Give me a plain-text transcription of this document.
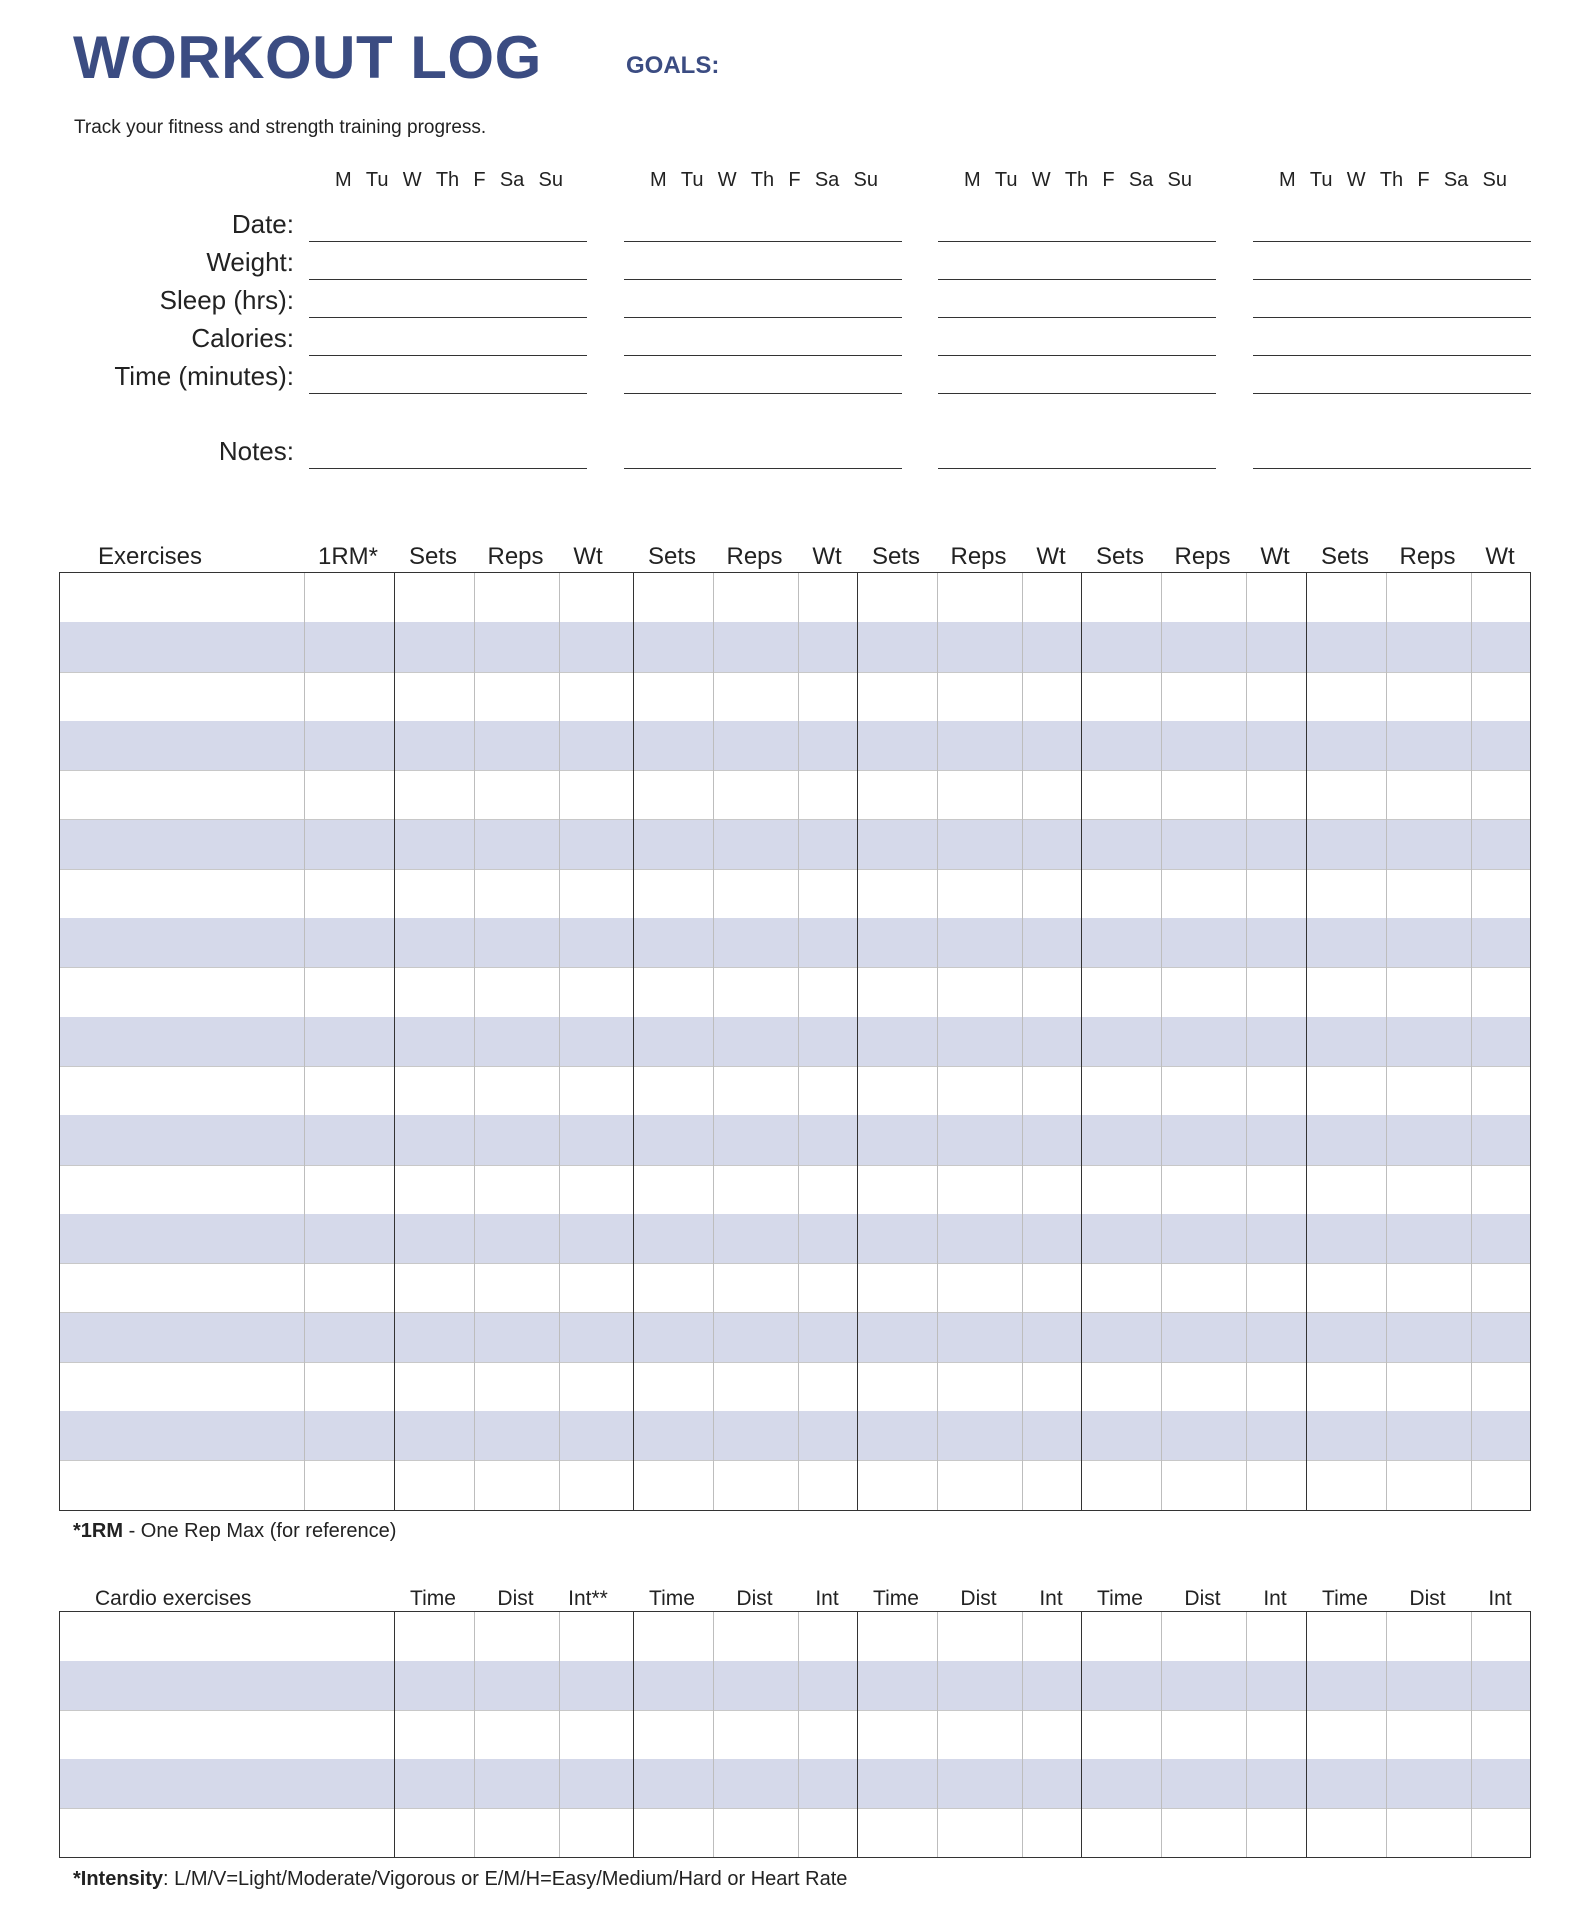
WORKOUT LOG	GOALS:
Track your fitness and strength training progress.
M Tu W Th F Sa Su	M Tu W Th F Sa Su	M Tu W Th F Sa Su	M Tu W Th F Sa Su
Date:
Weight:
Sleep (hrs):
Calories:
Time (minutes):
Notes:
Exercises	1RM*	Sets	Reps	Wt	Sets	Reps	Wt	Sets	Reps	Wt	Sets	Reps	Wt	Sets	Reps	Wt
*1RM - One Rep Max (for reference)
Cardio exercises	Time	Dist	Int**	Time	Dist	Int	Time	Dist	Int	Time	Dist	Int	Time	Dist	Int
*Intensity: L/M/V=Light/Moderate/Vigorous or E/M/H=Easy/Medium/Hard or Heart Rate
